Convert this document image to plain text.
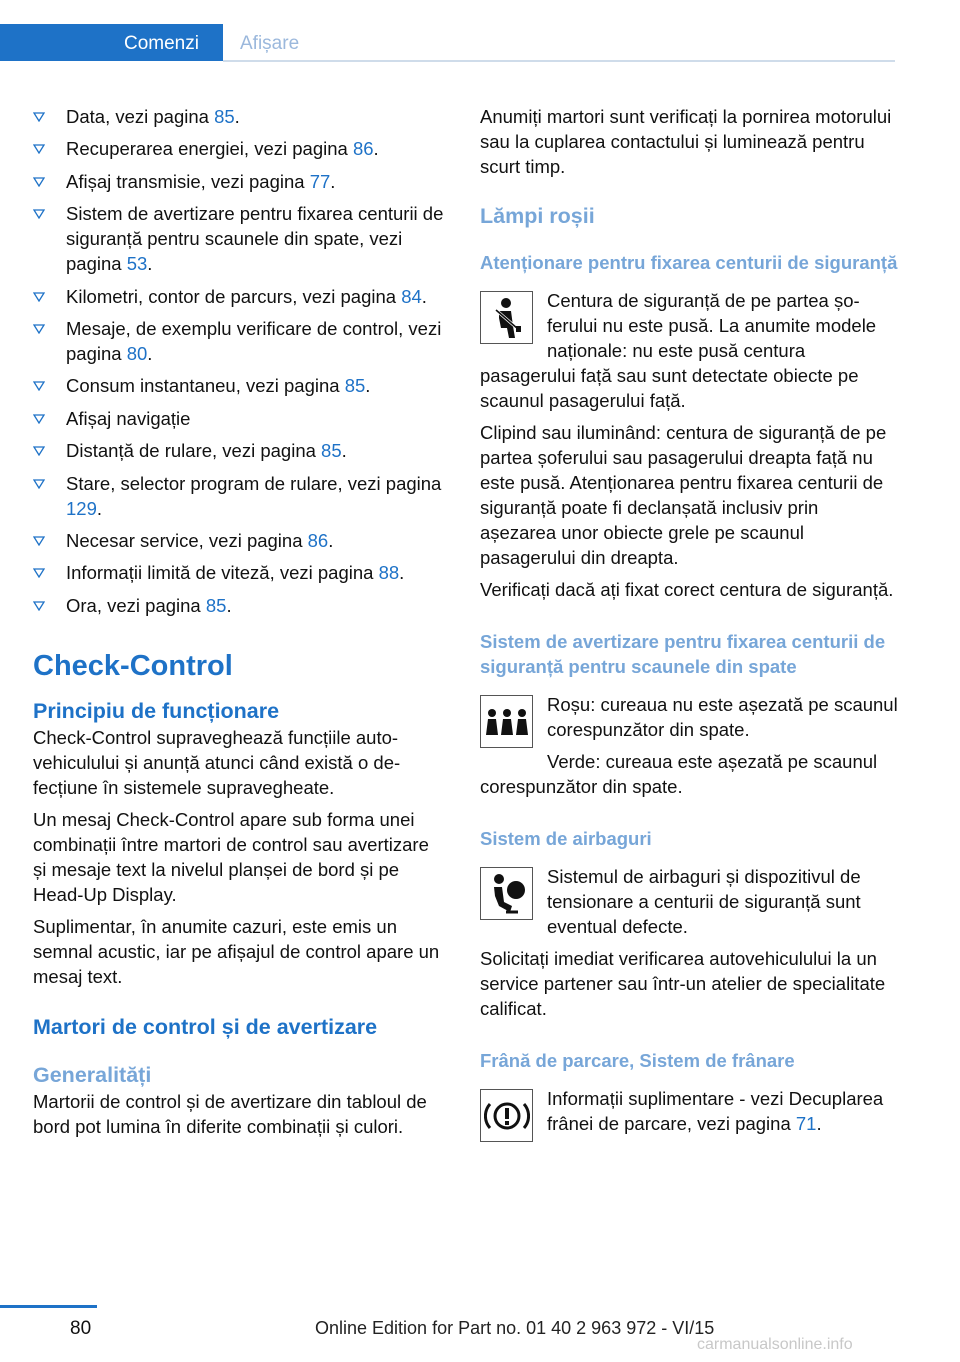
Comenzi Afișare
Data, vezi pagina 85.
Recuperarea energiei, vezi pagina 86.
Afișaj transmisie, vezi pagina 77.
Sistem de avertizare pentru fixarea centurii de siguranță pentru scaunele din spate, vezi pagina 53.
Kilometri, contor de parcurs, vezi pagina 84.
Mesaje, de exemplu verificare de control, vezi pagina 80.
Consum instantaneu, vezi pagina 85.
Afișaj navigație
Distanță de rulare, vezi pagina 85.
Stare, selector program de rulare, vezi pagina 129.
Necesar service, vezi pagina 86.
Informații limită de viteză, vezi pagina 88.
Ora, vezi pagina 85.
Check-Control
Principiu de funcționare

Check-Control supraveghează funcțiile autovehiculului și anunță atunci când există o defecțiune în sistemele supravegheate.

Un mesaj Check-Control apare sub forma unei combinații între martori de control sau avertizare și mesaje text la nivelul planșei de bord și pe Head-Up Display.

Suplimentar, în anumite cazuri, este emis un semnal acustic, iar pe afișajul de control apare un mesaj text.

Martori de control și de avertizare
Generalități

Martorii de control și de avertizare din tabloul de bord pot lumina în diferite combinații și culori.

Anumiți martori sunt verificați la pornirea motorului sau la cuplarea contactului și luminează pentru scurt timp.

Lămpi roșii
Atenționare pentru fixarea centurii de siguranță

Centura de siguranță de pe partea șoferului nu este pusă. La anumite modele naționale: nu este pusă centura pasagerului față sau sunt detectate obiecte pe scaunul pasagerului față.

Clipind sau iluminând: centura de siguranță de pe partea șoferului sau pasagerului dreapta față nu este pusă. Atenționarea pentru fixarea centurii de siguranță poate fi declanșată inclusiv prin așezarea unor obiecte grele pe scaunul pasagerului din dreapta.

Verificați dacă ați fixat corect centura de siguranță.

Sistem de avertizare pentru fixarea centurii de siguranță pentru scaunele din spate

Roșu: cureaua nu este așezată pe scaunul corespunzător din spate.

Verde: cureaua este așezată pe scaunul corespunzător din spate.

Sistem de airbaguri

Sistemul de airbaguri și dispozitivul de tensionare a centurii de siguranță sunt eventual defecte.

Solicitați imediat verificarea autovehiculului la un service partener sau într-un atelier de specialitate calificat.

Frână de parcare, Sistem de frânare

Informații suplimentare - vezi Decuplarea frânei de parcare, vezi pagina 71.

80	Online Edition for Part no. 01 40 2 963 972 - VI/15
carmanualsonline.info
